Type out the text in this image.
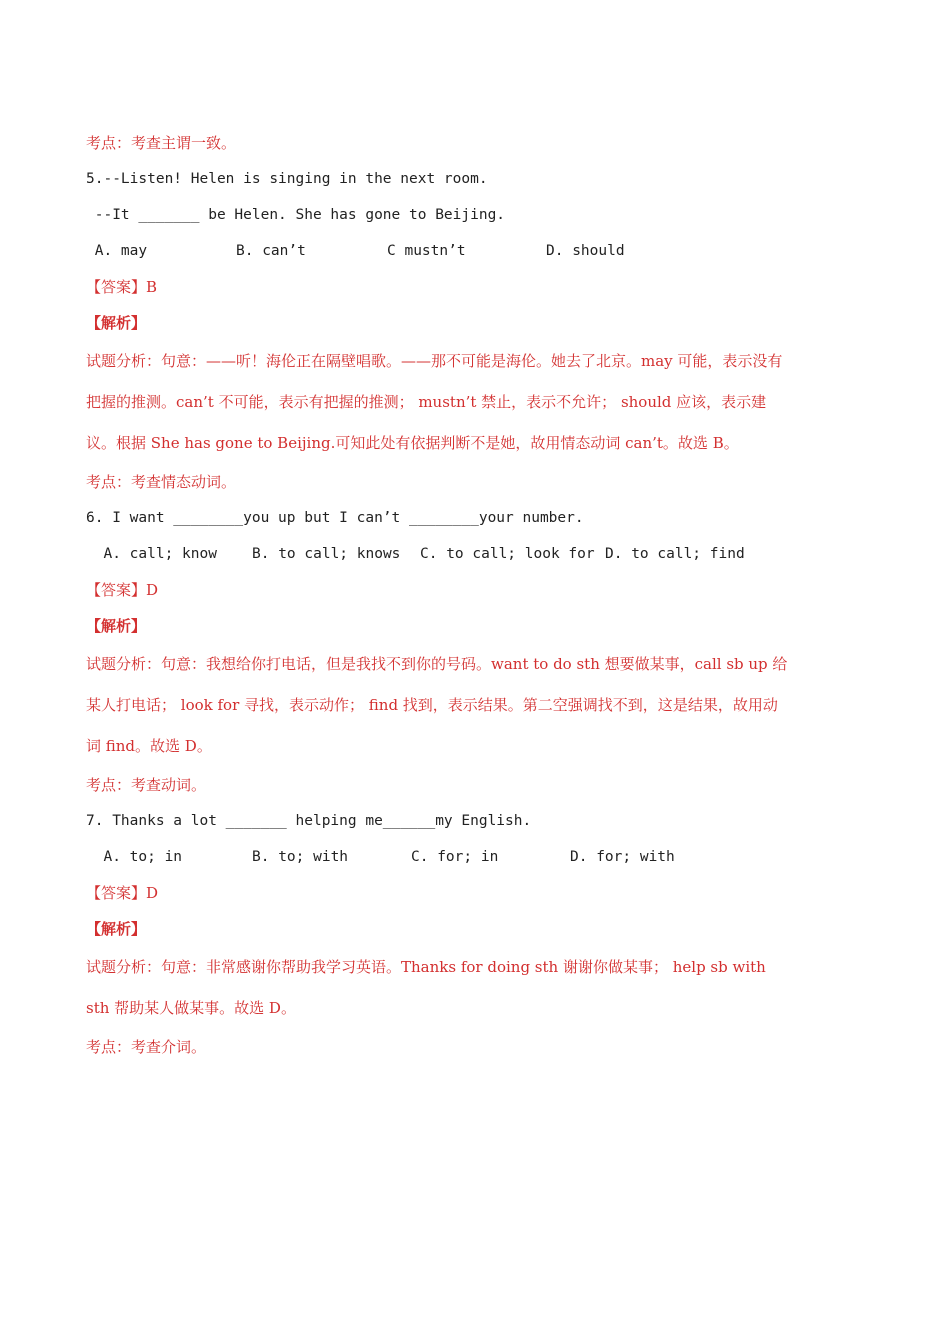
考点：考查主谓一致。

5.--Listen! Helen is singing in the next room.

--It _______ be Helen. She has gone to Beijing.

A. may	B. can’t	C mustn’t	D. should

【答案】B

【解析】

试题分析：句意：——听！海伦正在隔壁唱歌。——那不可能是海伦。她去了北京。may 可能，表示没有
把握的推测。can’t 不可能，表示有把握的推测； mustn’t 禁止，表示不允许； should 应该，表示建
议。根据 She has gone to Beijing.可知此处有依据判断不是她，故用情态动词 can’t。故选 B。

考点：考查情态动词。

6. I want ________you up but I can’t ________your number.

A. call; know	B. to call; knows	C. to call; look for D. to call; find

【答案】D

【解析】

试题分析：句意：我想给你打电话，但是我找不到你的号码。want to do sth 想要做某事，call sb up 给
某人打电话； look for 寻找，表示动作； find 找到，表示结果。第二空强调找不到，这是结果，故用动
词 find。故选 D。

考点：考查动词。

7. Thanks a lot _______ helping me______my English.

A. to; in	B. to; with	C. for; in	D. for; with

【答案】D

【解析】

试题分析：句意：非常感谢你帮助我学习英语。Thanks for doing sth 谢谢你做某事； help sb with
sth 帮助某人做某事。故选 D。

考点：考查介词。
